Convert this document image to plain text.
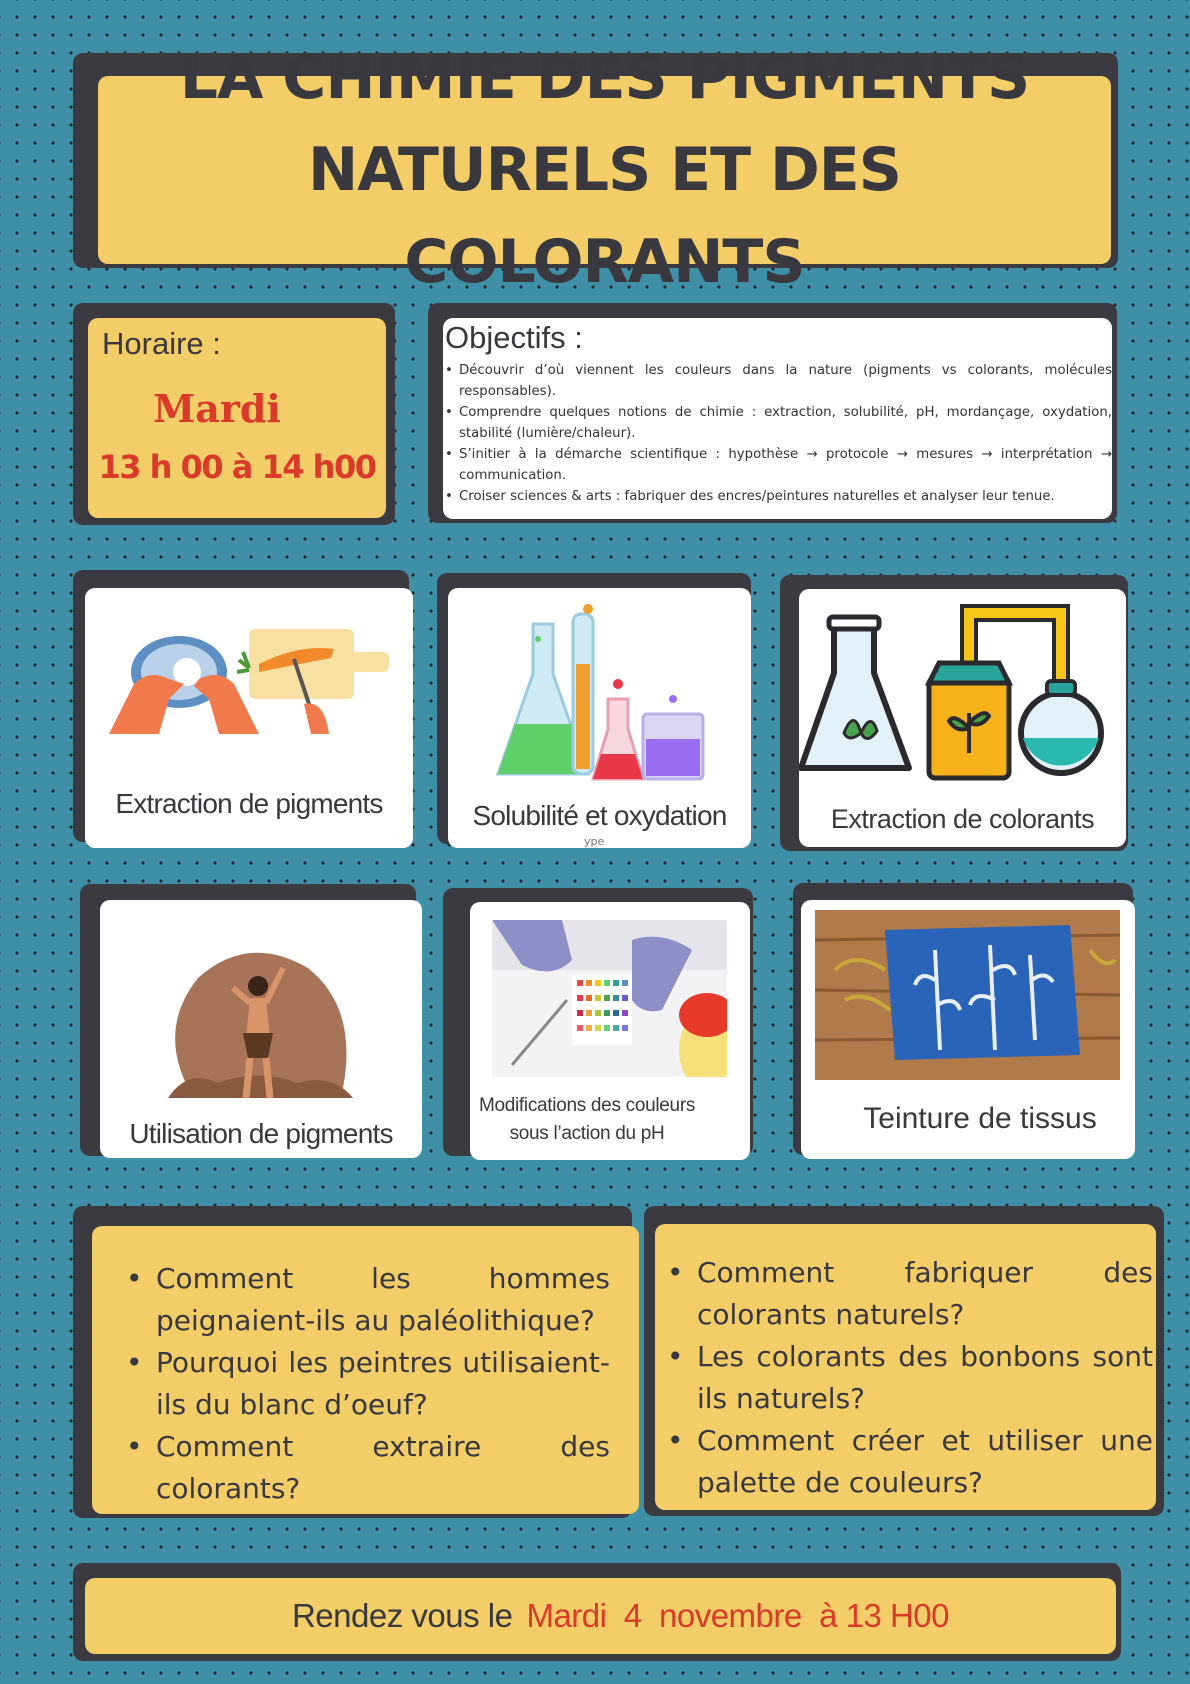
LA CHIMIE DES PIGMENTS NATURELS ET DES COLORANTS
Horaire :
Mardi
13 h 00 à 14 h00
Objectifs :
• Découvrir d’où viennent les couleurs dans la nature (pigments vs colorants, molécules responsables).
• Comprendre quelques notions de chimie : extraction, solubilité, pH, mordançage, oxydation, stabilité (lumière/chaleur).
• S’initier à la démarche scientifique : hypothèse → protocole → mesures → interprétation → communication.
• Croiser sciences & arts : fabriquer des encres/peintures naturelles et analyser leur tenue.
Extraction de pigments	Solubilité et oxydation
ype
Extraction de colorants
Utilisation de pigments
Modifications des couleurs sous l’action du pH	Teinture de tissus
• Comment les hommes peignaient-ils au paléolithique?
• Pourquoi les peintres utilisaient-ils du blanc d’oeuf?
• Comment extraire des colorants?
• Comment fabriquer des colorants naturels?
• Les colorants des bonbons sont ils naturels?
• Comment créer et utiliser une palette de couleurs?
Rendez vous le Mardi  4  novembre  à 13 H00
